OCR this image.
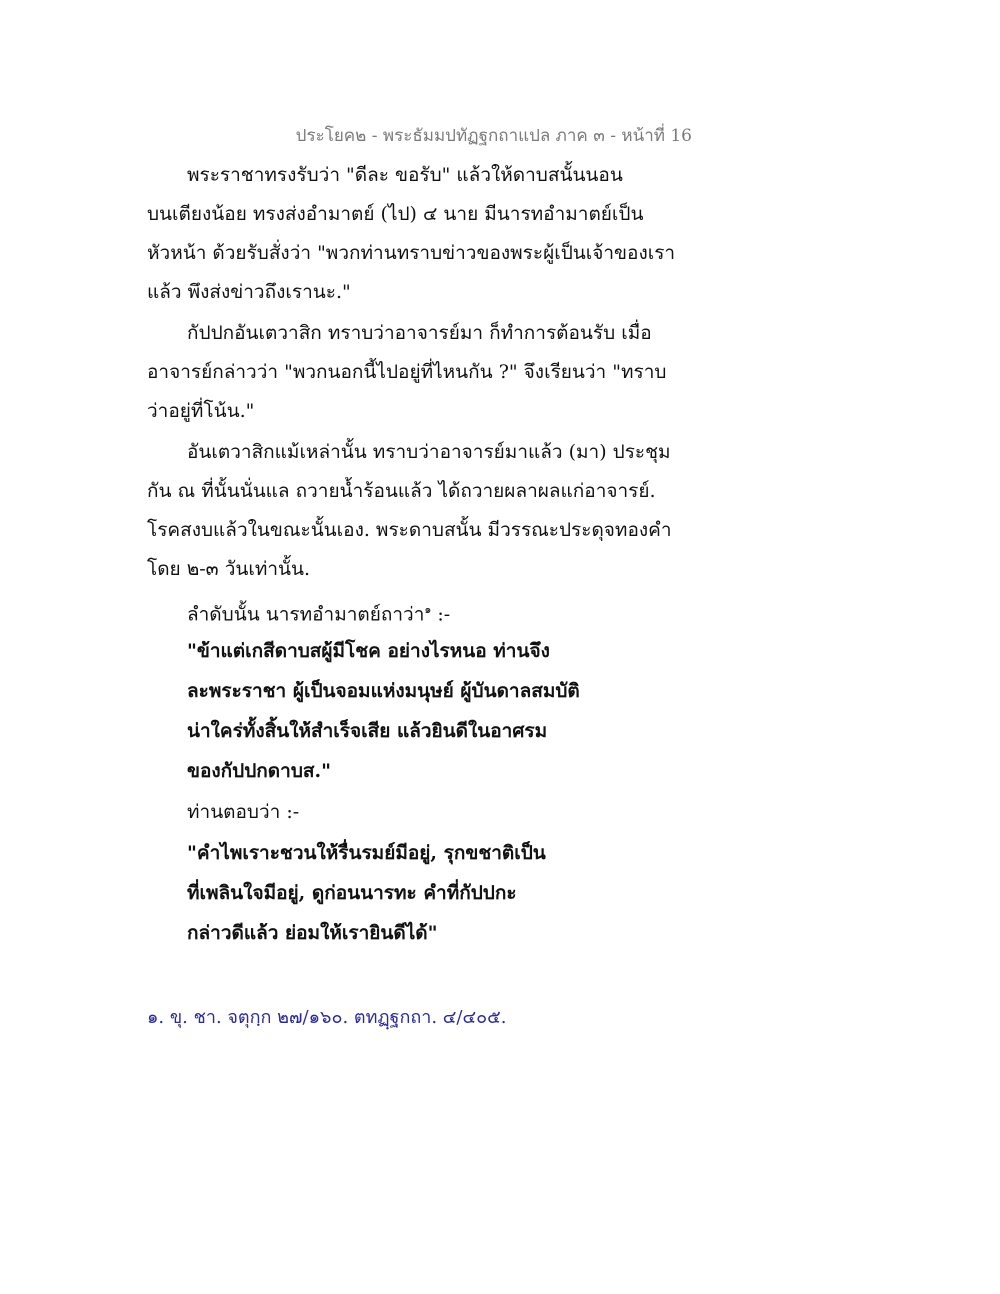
ประโยค๒ - พระธัมมปทัฏฐกถาแปล ภาค ๓ - หน้าที่ 16
พระราชาทรงรับว่า "ดีละ ขอรับ" แล้วให้ดาบสนั้นนอน
บนเตียงน้อย ทรงส่งอำมาตย์ (ไป) ๔ นาย มีนารทอำมาตย์เป็น
หัวหน้า ด้วยรับสั่งว่า "พวกท่านทราบข่าวของพระผู้เป็นเจ้าของเรา
แล้ว พึงส่งข่าวถึงเรานะ."
กัปปกอันเตวาสิก ทราบว่าอาจารย์มา ก็ทำการต้อนรับ เมื่อ
อาจารย์กล่าวว่า "พวกนอกนี้ไปอยู่ที่ไหนกัน ?" จึงเรียนว่า "ทราบ
ว่าอยู่ที่โน้น."
อันเตวาสิกแม้เหล่านั้น ทราบว่าอาจารย์มาแล้ว (มา) ประชุม
กัน ณ ที่นั้นนั่นแล ถวายน้ำร้อนแล้ว ได้ถวายผลาผลแก่อาจารย์.
โรคสงบแล้วในขณะนั้นเอง. พระดาบสนั้น มีวรรณะประดุจทองคำ
โดย ๒-๓ วันเท่านั้น.
ลำดับนั้น นารทอำมาตย์ถาว่า$^๑$ :-
"ข้าแต่เกสีดาบสผู้มีโชค อย่างไรหนอ ท่านจึง
ละพระราชา ผู้เป็นจอมแห่งมนุษย์ ผู้บันดาลสมบัติ
น่าใคร่ทั้งสิ้นให้สำเร็จเสีย แล้วยินดีในอาศรม
ของกัปปกดาบส."
ท่านตอบว่า :-
"คำไพเราะชวนให้รื่นรมย์มีอยู่, รุกขชาติเป็น
ที่เพลินใจมีอยู่, ดูก่อนนารทะ คำที่กัปปกะ
กล่าวดีแล้ว ย่อมให้เรายินดีได้"
๑. ขุ. ชา. จตุกฺก ๒๗/๑๖๐. ตทฏฺฐกถา. ๔/๔๐๕.
